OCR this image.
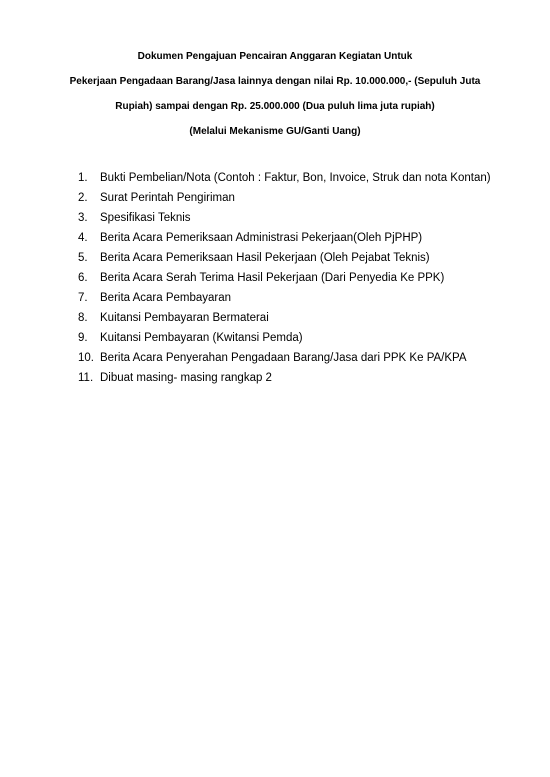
Dokumen Pengajuan Pencairan Anggaran Kegiatan Untuk
Pekerjaan Pengadaan Barang/Jasa lainnya dengan nilai Rp. 10.000.000,- (Sepuluh Juta
Rupiah) sampai dengan Rp. 25.000.000 (Dua puluh lima juta rupiah)
(Melalui Mekanisme GU/Ganti Uang)
1.	Bukti Pembelian/Nota (Contoh : Faktur, Bon, Invoice, Struk dan nota Kontan)
2.	Surat Perintah Pengiriman
3.	Spesifikasi Teknis
4.	Berita Acara Pemeriksaan Administrasi Pekerjaan(Oleh PjPHP)
5.	Berita Acara Pemeriksaan Hasil Pekerjaan (Oleh Pejabat Teknis)
6.	Berita Acara Serah Terima Hasil Pekerjaan (Dari Penyedia Ke PPK)
7.	Berita Acara Pembayaran
8.	Kuitansi Pembayaran Bermaterai
9.	Kuitansi Pembayaran (Kwitansi Pemda)
10. Berita Acara Penyerahan Pengadaan Barang/Jasa dari PPK Ke PA/KPA
11. Dibuat masing- masing rangkap 2
